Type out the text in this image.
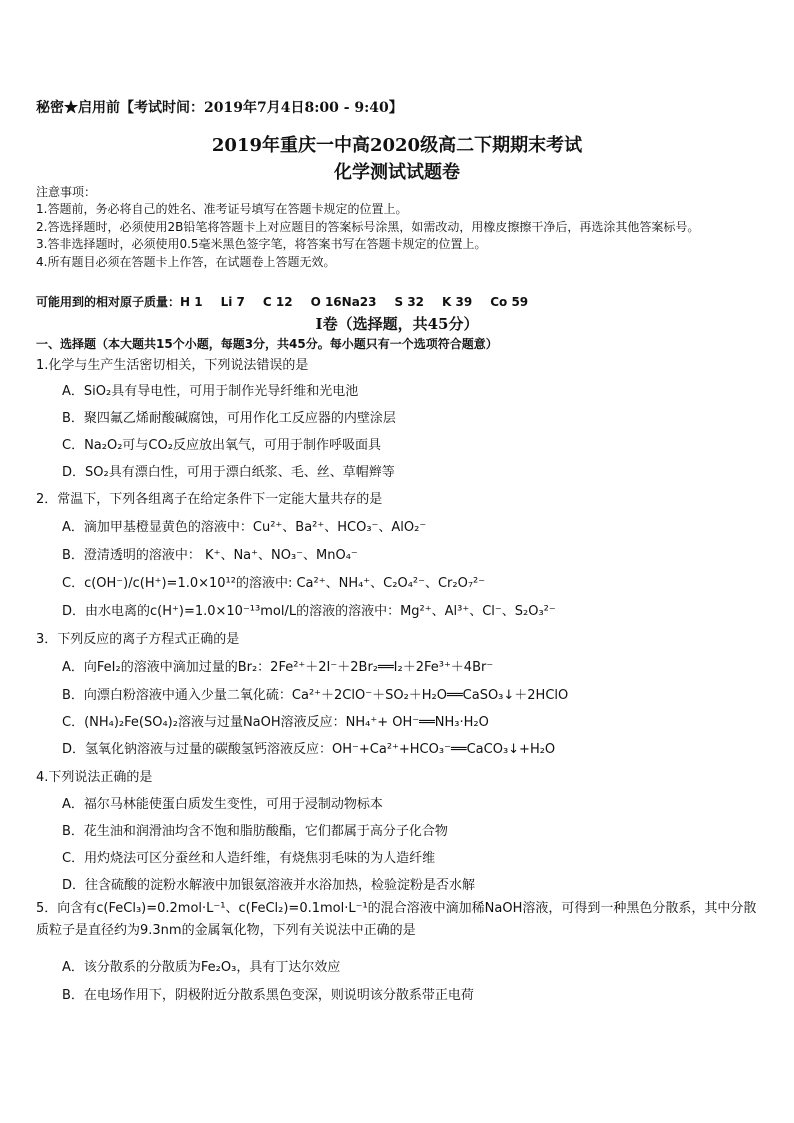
秘密★启用前【考试时间：2019年7月4日8:00 - 9:40】
2019年重庆一中高2020级高二下期期末考试
化学测试试题卷
注意事项：
1.答题前，务必将自己的姓名、准考证号填写在答题卡规定的位置上。
2.答选择题时，必须使用2B铅笔将答题卡上对应题目的答案标号涂黑，如需改动，用橡皮擦擦干净后，再选涂其他答案标号。
3.答非选择题时，必须使用0.5毫米黑色签字笔，将答案书写在答题卡规定的位置上。
4.所有题目必须在答题卡上作答，在试题卷上答题无效。
可能用到的相对原子质量：H 1 Li 7 C 12 O 16Na23 S 32 K 39 Co 59
Ⅰ卷（选择题，共45分）
一、选择题（本大题共15个小题，每题3分，共45分。每小题只有一个选项符合题意）
1.化学与生产生活密切相关，下列说法错误的是
A．SiO₂具有导电性，可用于制作光导纤维和光电池
B．聚四氟乙烯耐酸碱腐蚀，可用作化工反应器的内壁涂层
C．Na₂O₂可与CO₂反应放出氧气，可用于制作呼吸面具
D．SO₂具有漂白性，可用于漂白纸浆、毛、丝、草帽辫等
2．常温下，下列各组离子在给定条件下一定能大量共存的是
A．滴加甲基橙显黄色的溶液中：Cu²⁺、Ba²⁺、HCO₃⁻、AlO₂⁻
B．澄清透明的溶液中： K⁺、Na⁺、NO₃⁻、MnO₄⁻
C．c(OH⁻)/c(H⁺)=1.0×10¹²的溶液中: Ca²⁺、NH₄⁺、C₂O₄²⁻、Cr₂O₇²⁻
D．由水电离的c(H⁺)=1.0×10⁻¹³mol/L的溶液的溶液中：Mg²⁺、Al³⁺、Cl⁻、S₂O₃²⁻
3．下列反应的离子方程式正确的是
A．向FeI₂的溶液中滴加过量的Br₂：2Fe²⁺＋2I⁻＋2Br₂══I₂＋2Fe³⁺＋4Br⁻
B．向漂白粉溶液中通入少量二氧化硫：Ca²⁺＋2ClO⁻＋SO₂＋H₂O══CaSO₃↓＋2HClO
C．(NH₄)₂Fe(SO₄)₂溶液与过量NaOH溶液反应：NH₄⁺+ OH⁻══NH₃·H₂O
D．氢氧化钠溶液与过量的碳酸氢钙溶液反应：OH⁻+Ca²⁺+HCO₃⁻══CaCO₃↓+H₂O
4.下列说法正确的是
A．福尔马林能使蛋白质发生变性，可用于浸制动物标本
B．花生油和润滑油均含不饱和脂肪酸酯，它们都属于高分子化合物
C．用灼烧法可区分蚕丝和人造纤维，有烧焦羽毛味的为人造纤维
D．往含硫酸的淀粉水解液中加银氨溶液并水浴加热，检验淀粉是否水解
5．向含有c(FeCl₃)=0.2mol·L⁻¹、c(FeCl₂)=0.1mol·L⁻¹的混合溶液中滴加稀NaOH溶液，可得到一种黑色分散系，其中分散质粒子是直径约为9.3nm的金属氧化物，下列有关说法中正确的是
A．该分散系的分散质为Fe₂O₃，具有丁达尔效应
B．在电场作用下，阴极附近分散系黑色变深，则说明该分散系带正电荷
